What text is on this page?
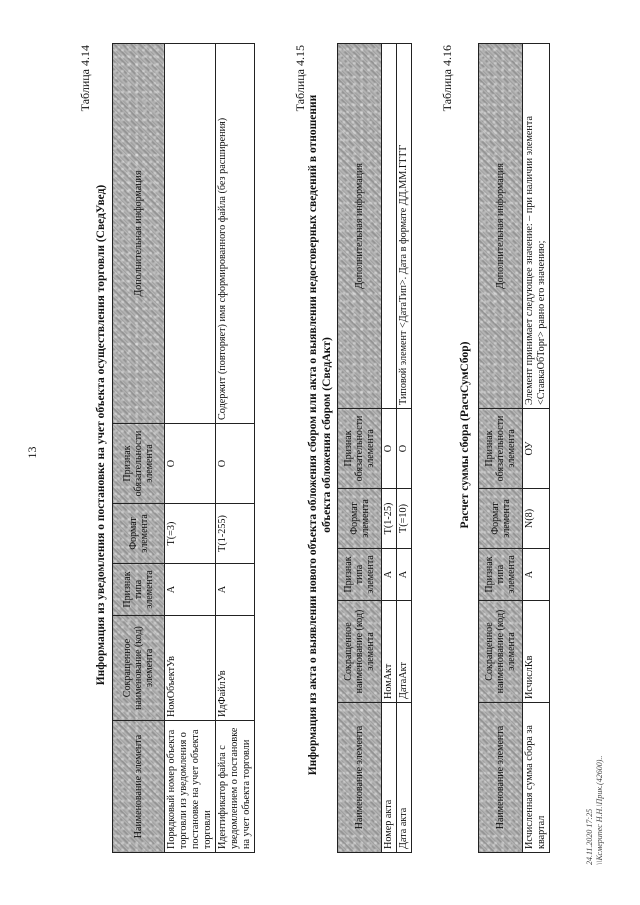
13
Таблица 4.14
Информация из уведомления о постановке на учет объекта осуществления торговли (СведУвед)
Наименование элемента	Сокращенное наименование (код) элемента	Признак типа элемента	Формат элемента	Признак обязательности элемента	Дополнительная информация
Порядковый номер объекта торговли из уведомления о постановке на учет объекта торговли	НомОбъектУв	А	T(=3)	О	
Идентификатор файла с уведомлением о постановке на учет объекта торговли	ИдФайлУв	А	T(1-255)	О	Содержит (повторяет) имя сформированного файла (без расширения)
Таблица 4.15
Информация из акта о выявлении нового объекта обложения сбором или акта о выявлении недостоверных сведений в отношении объекта обложения сбором (СведАкт)
Наименование элемента	Сокращенное наименование (код) элемента	Признак типа элемента	Формат элемента	Признак обязательности элемента	Дополнительная информация
Номер акта	НомАкт	А	T(1-25)	О	
Дата акта	ДатаАкт	А	T(=10)	О	Типовой элемент <ДатаТип>. Дата в формате ДД.ММ.ГГГГ
Таблица 4.16
Расчет суммы сбора (РасчСумСбор)
Наименование элемента	Сокращенное наименование (код) элемента	Признак типа элемента	Формат элемента	Признак обязательности элемента	Дополнительная информация
Исчисленная сумма сбора за квартал	ИсчислКв	А	N(8)	ОУ	Элемент принимает следующее значение: – при наличии элемента <СтавкаОбТорг> равно его значению;
24.11.2020 17:25 \\Ксмерипес Н.Н.\Прик.(42600)..
